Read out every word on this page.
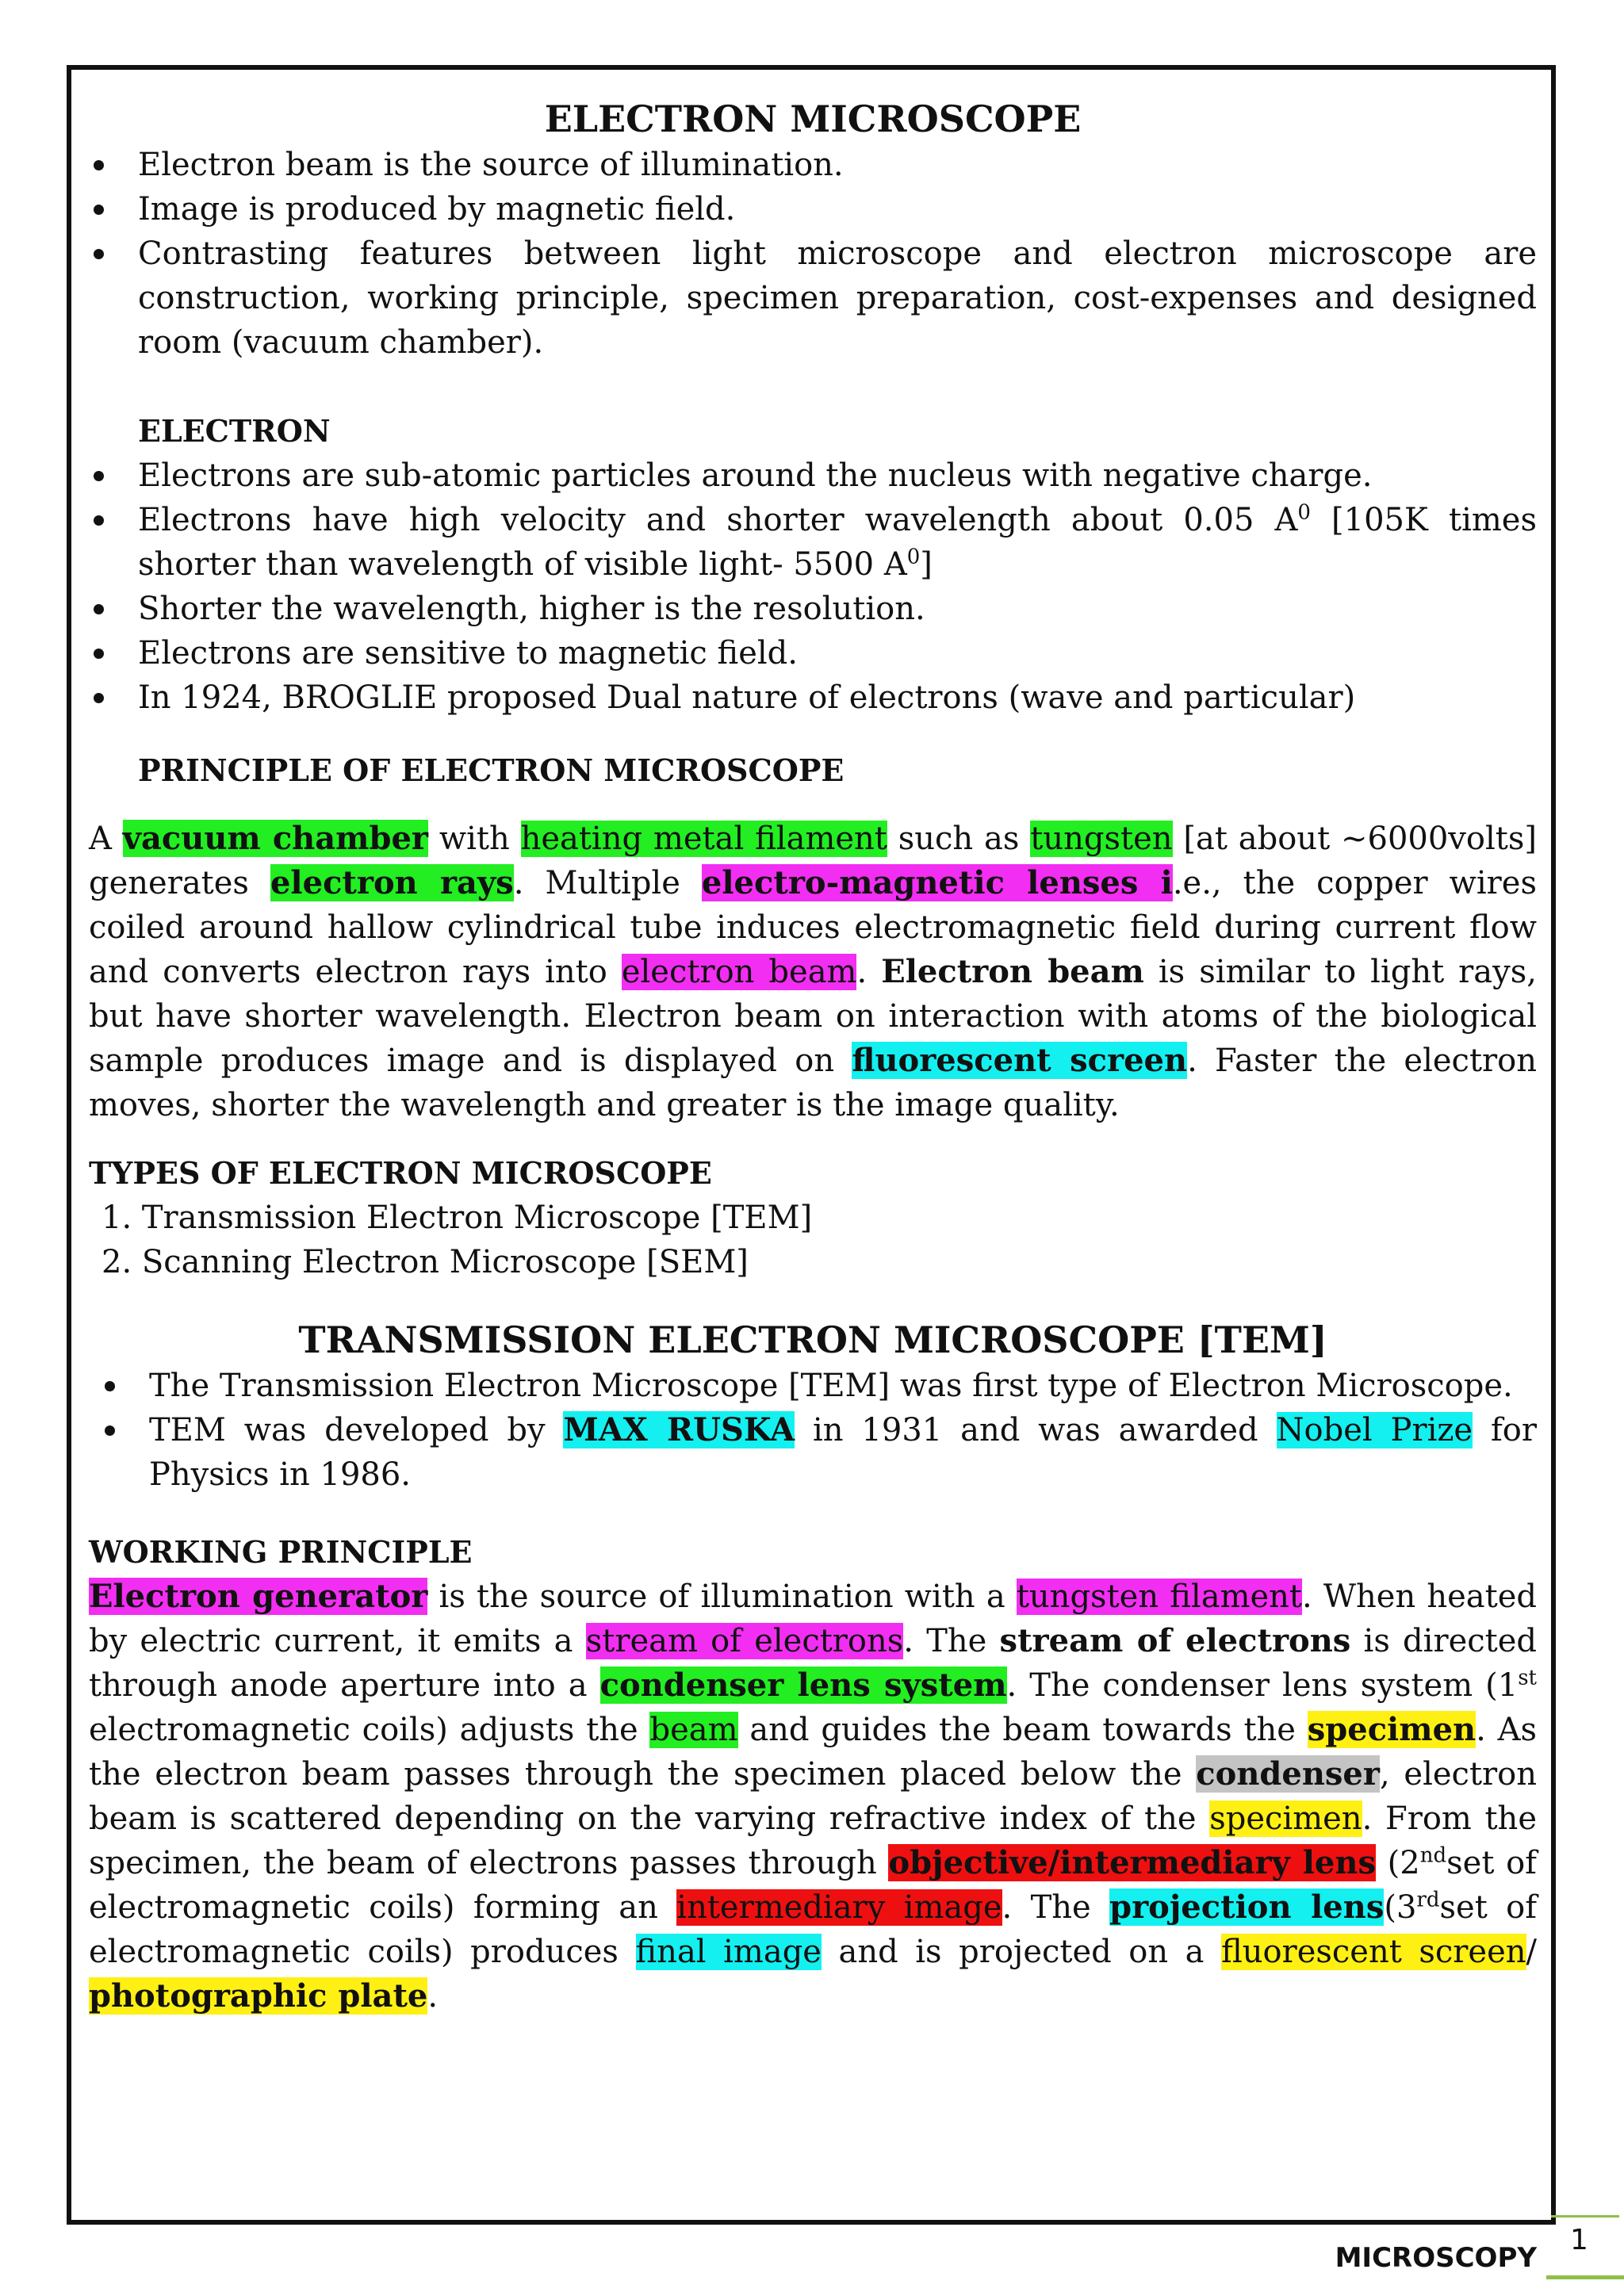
ELECTRON MICROSCOPE
Electron beam is the source of illumination.
Image is produced by magnetic field.
Contrasting features between light microscope and electron microscope are construction, working principle, specimen preparation, cost-expenses and designed room (vacuum chamber).
ELECTRON
Electrons are sub-atomic particles around the nucleus with negative charge.
Electrons have high velocity and shorter wavelength about 0.05 $A^0$ [105K times shorter than wavelength of visible light- 5500 $A^0$]
Shorter the wavelength, higher is the resolution.
Electrons are sensitive to magnetic field.
In 1924, BROGLIE proposed Dual nature of electrons (wave and particular)
PRINCIPLE OF ELECTRON MICROSCOPE

A vacuum chamber with heating metal filament such as tungsten [at about ~6000volts] generates electron rays. Multiple electro-magnetic lenses i.e., the copper wires coiled around hallow cylindrical tube induces electromagnetic field during current flow and converts electron rays into electron beam. Electron beam is similar to light rays, but have shorter wavelength. Electron beam on interaction with atoms of the biological sample produces image and is displayed on fluorescent screen. Faster the electron moves, shorter the wavelength and greater is the image quality.

TYPES OF ELECTRON MICROSCOPE
1. Transmission Electron Microscope [TEM]
2. Scanning Electron Microscope [SEM]
TRANSMISSION ELECTRON MICROSCOPE [TEM]
The Transmission Electron Microscope [TEM] was first type of Electron Microscope.
TEM was developed by MAX RUSKA in 1931 and was awarded Nobel Prize for Physics in 1986.
WORKING PRINCIPLE

Electron generator is the source of illumination with a tungsten filament. When heated by electric current, it emits a stream of electrons. The stream of electrons is directed through anode aperture into a condenser lens system. The condenser lens system (1st electromagnetic coils) adjusts the beam and guides the beam towards the specimen. As the electron beam passes through the specimen placed below the condenser, electron beam is scattered depending on the varying refractive index of the specimen. From the specimen, the beam of electrons passes through objective/intermediary lens (2ndset of electromagnetic coils) forming an intermediary image. The projection lens(3rdset of electromagnetic coils) produces final image and is projected on a fluorescent screen/ photographic plate.

MICROSCOPY
1
